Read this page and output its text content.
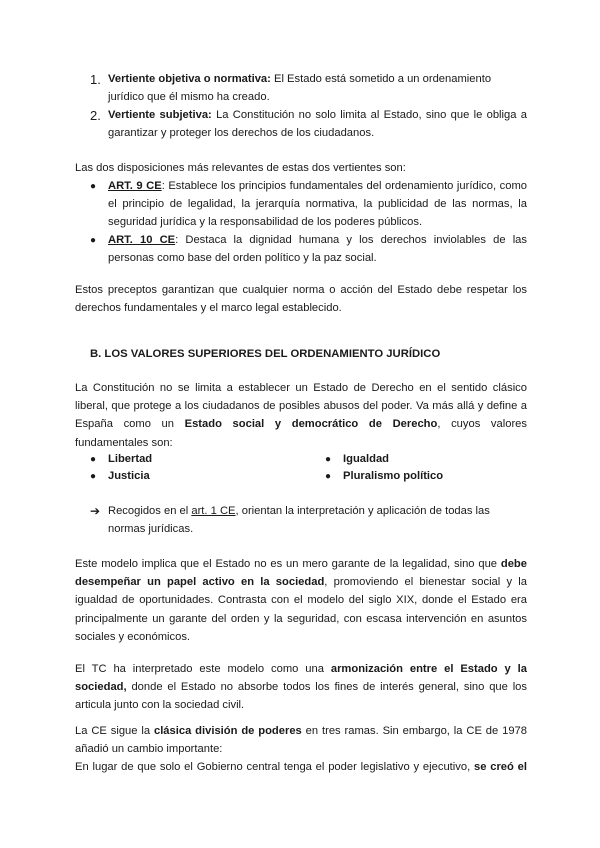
1. Vertiente objetiva o normativa: El Estado está sometido a un ordenamiento jurídico que él mismo ha creado.

2. Vertiente subjetiva: La Constitución no solo limita al Estado, sino que le obliga a garantizar y proteger los derechos de los ciudadanos.

Las dos disposiciones más relevantes de estas dos vertientes son:

● ART. 9 CE: Establece los principios fundamentales del ordenamiento jurídico, como el principio de legalidad, la jerarquía normativa, la publicidad de las normas, la seguridad jurídica y la responsabilidad de los poderes públicos.

● ART. 10 CE: Destaca la dignidad humana y los derechos inviolables de las personas como base del orden político y la paz social.

Estos preceptos garantizan que cualquier norma o acción del Estado debe respetar los derechos fundamentales y el marco legal establecido.

B. LOS VALORES SUPERIORES DEL ORDENAMIENTO JURÍDICO

La Constitución no se limita a establecer un Estado de Derecho en el sentido clásico liberal, que protege a los ciudadanos de posibles abusos del poder. Va más allá y define a España como un Estado social y democrático de Derecho, cuyos valores fundamentales son:

● Libertad	● Igualdad
● Justicia	● Pluralismo político
➔ Recogidos en el art. 1 CE, orientan la interpretación y aplicación de todas las normas jurídicas.

Este modelo implica que el Estado no es un mero garante de la legalidad, sino que debe desempeñar un papel activo en la sociedad, promoviendo el bienestar social y la igualdad de oportunidades. Contrasta con el modelo del siglo XIX, donde el Estado era principalmente un garante del orden y la seguridad, con escasa intervención en asuntos sociales y económicos.

El TC ha interpretado este modelo como una armonización entre el Estado y la sociedad, donde el Estado no absorbe todos los fines de interés general, sino que los articula junto con la sociedad civil.

La CE sigue la clásica división de poderes en tres ramas. Sin embargo, la CE de 1978 añadió un cambio importante:

En lugar de que solo el Gobierno central tenga el poder legislativo y ejecutivo, se creó el
